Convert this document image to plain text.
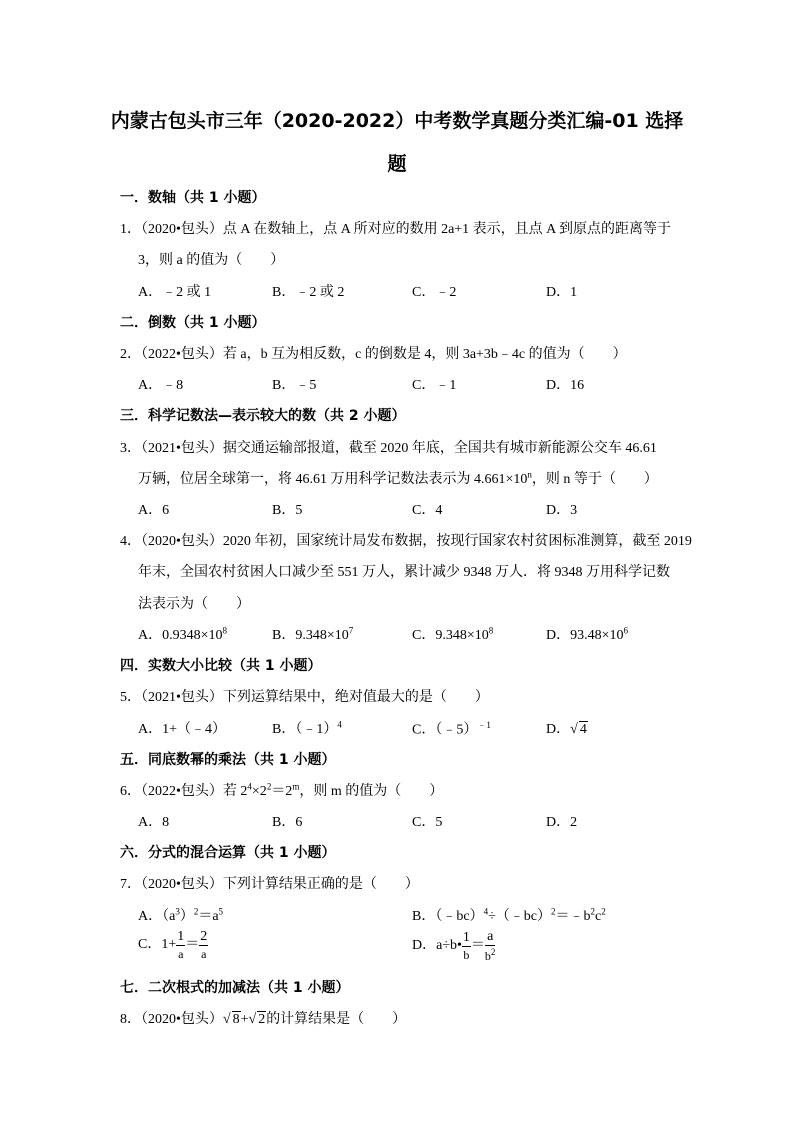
内蒙古包头市三年（2020-2022）中考数学真题分类汇编-01 选择
题
一．数轴（共 1 小题）
1．（2020•包头）点 A 在数轴上，点 A 所对应的数用 2a+1 表示，且点 A 到原点的距离等于
3，则 a 的值为（　　）
A．﹣2 或 1	B．﹣2 或 2	C．﹣2	D．1
二．倒数（共 1 小题）
2．（2022•包头）若 a，b 互为相反数，c 的倒数是 4，则 3a+3b﹣4c 的值为（　　）
A．﹣8	B．﹣5	C．﹣1	D．16
三．科学记数法—表示较大的数（共 2 小题）
3．（2021•包头）据交通运输部报道，截至 2020 年底，全国共有城市新能源公交车 46.61
万辆，位居全球第一，将 46.61 万用科学记数法表示为 $4.661\times 10^n$，则 n 等于（　　）
A．6	B．5	C．4	D．3
4．（2020•包头）2020 年初，国家统计局发布数据，按现行国家农村贫困标准测算，截至 2019
年末，全国农村贫困人口减少至 551 万人，累计减少 9348 万人．将 9348 万用科学记数
法表示为（　　）
A．$0.9348\times 10^8$	B．$9.348\times 10^7$	C．$9.348\times 10^8$	D．$93.48\times 10^6$
四．实数大小比较（共 1 小题）
5．（2021•包头）下列运算结果中，绝对值最大的是（　　）
A．1+（﹣4）	B．（﹣1）$^4$	C．（﹣5）$^{﹣1}$	D．√ 4
五．同底数幂的乘法（共 1 小题）
6．（2022•包头）若 $2^4\times 2^2=2^m$，则 m 的值为（　　）
A．8	B．6	C．5	D．2
六．分式的混合运算（共 1 小题）
7．（2020•包头）下列计算结果正确的是（　　）
A．$(a^3)^2=a^5$	B．$(﹣bc)^4\div(﹣bc)^2=﹣b^2c^2$
C．$1+ \frac{1}{a} = \frac{2}{a}$	D．a÷b• $\frac{1}{b} = \frac{a}{b^2}$
七．二次根式的加减法（共 1 小题）
8．（2020•包头）√ 8+√ 2的计算结果是（　　）
